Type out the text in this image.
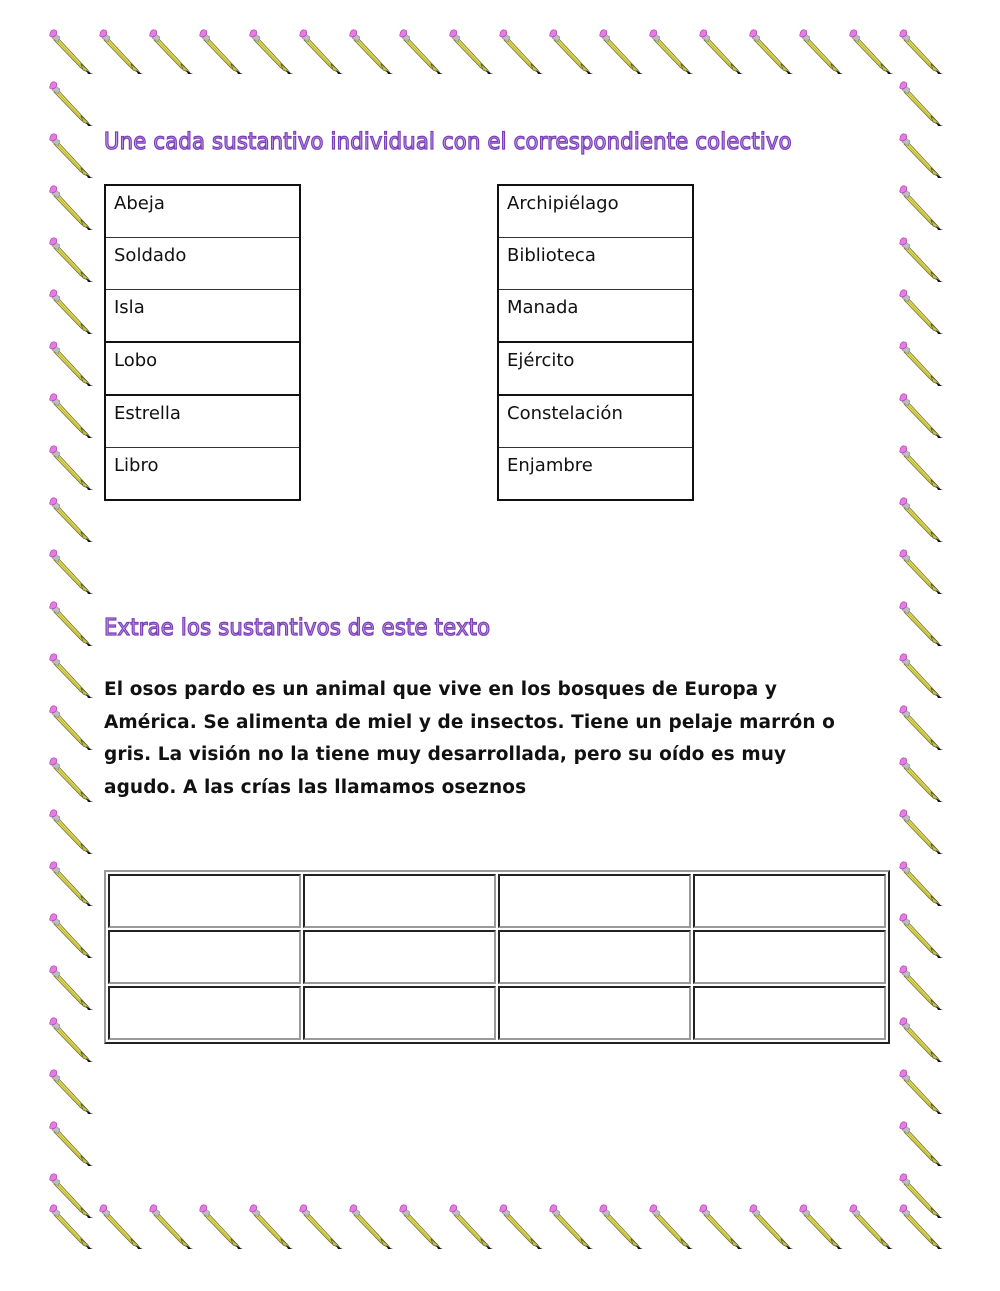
Une cada sustantivo individual con el correspondiente colectivo
Abeja
Soldado
Isla
Lobo
Estrella
Libro
Archipiélago
Biblioteca
Manada
Ejército
Constelación
Enjambre
Extrae los sustantivos de este texto

El osos pardo es un animal que vive en los bosques de Europa y

América. Se alimenta de miel y de insectos. Tiene un pelaje marrón o

gris. La visión no la tiene muy desarrollada, pero su oído es muy

agudo. A las crías las llamamos oseznos
